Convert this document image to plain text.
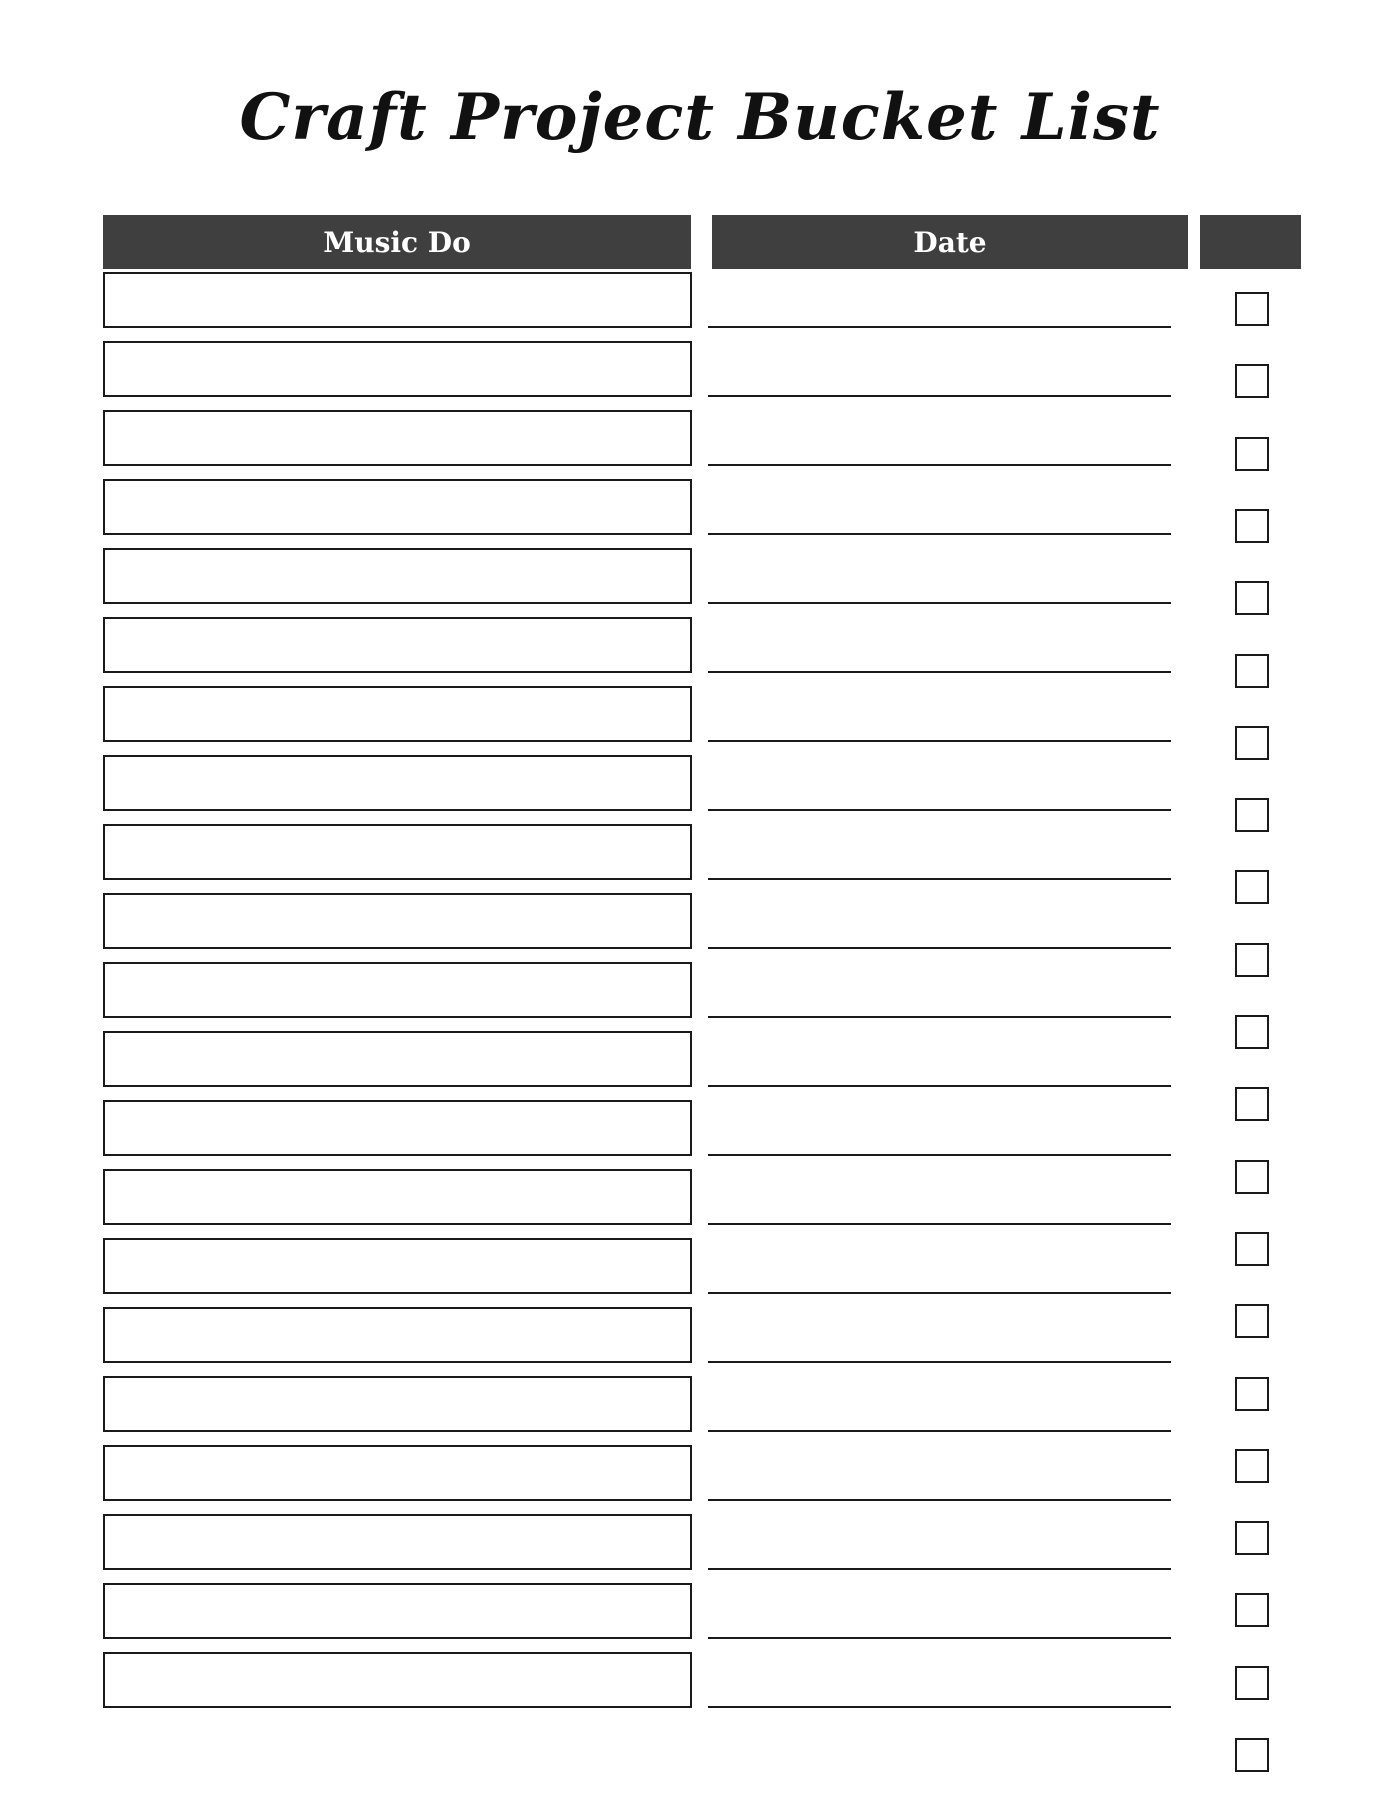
Craft Project Bucket List
Music Do	Date
